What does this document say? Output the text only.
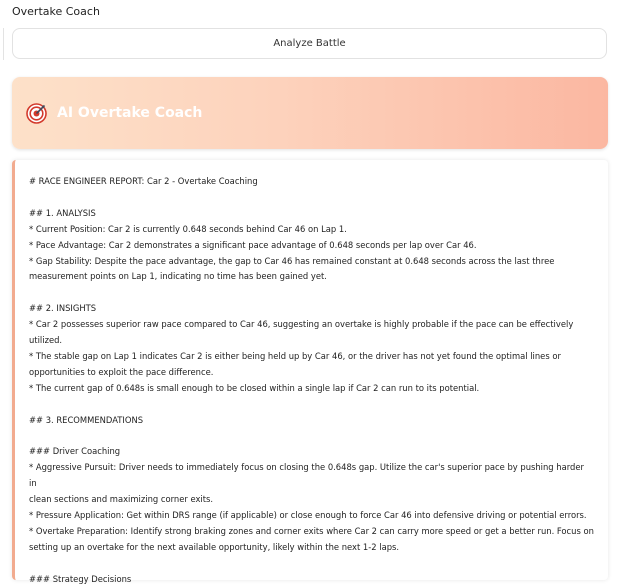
Overtake Coach
Analyze Battle
AI Overtake Coach
# RACE ENGINEER REPORT: Car 2 - Overtake Coaching
## 1. ANALYSIS
* Current Position: Car 2 is currently 0.648 seconds behind Car 46 on Lap 1.
* Pace Advantage: Car 2 demonstrates a significant pace advantage of 0.648 seconds per lap over Car 46.
* Gap Stability: Despite the pace advantage, the gap to Car 46 has remained constant at 0.648 seconds across the last three
measurement points on Lap 1, indicating no time has been gained yet.
## 2. INSIGHTS
* Car 2 possesses superior raw pace compared to Car 46, suggesting an overtake is highly probable if the pace can be effectively
utilized.
* The stable gap on Lap 1 indicates Car 2 is either being held up by Car 46, or the driver has not yet found the optimal lines or
opportunities to exploit the pace difference.
* The current gap of 0.648s is small enough to be closed within a single lap if Car 2 can run to its potential.
## 3. RECOMMENDATIONS
### Driver Coaching
* Aggressive Pursuit: Driver needs to immediately focus on closing the 0.648s gap. Utilize the car's superior pace by pushing harder in
clean sections and maximizing corner exits.
* Pressure Application: Get within DRS range (if applicable) or close enough to force Car 46 into defensive driving or potential errors.
* Overtake Preparation: Identify strong braking zones and corner exits where Car 2 can carry more speed or get a better run. Focus on
setting up an overtake for the next available opportunity, likely within the next 1-2 laps.
### Strategy Decisions
